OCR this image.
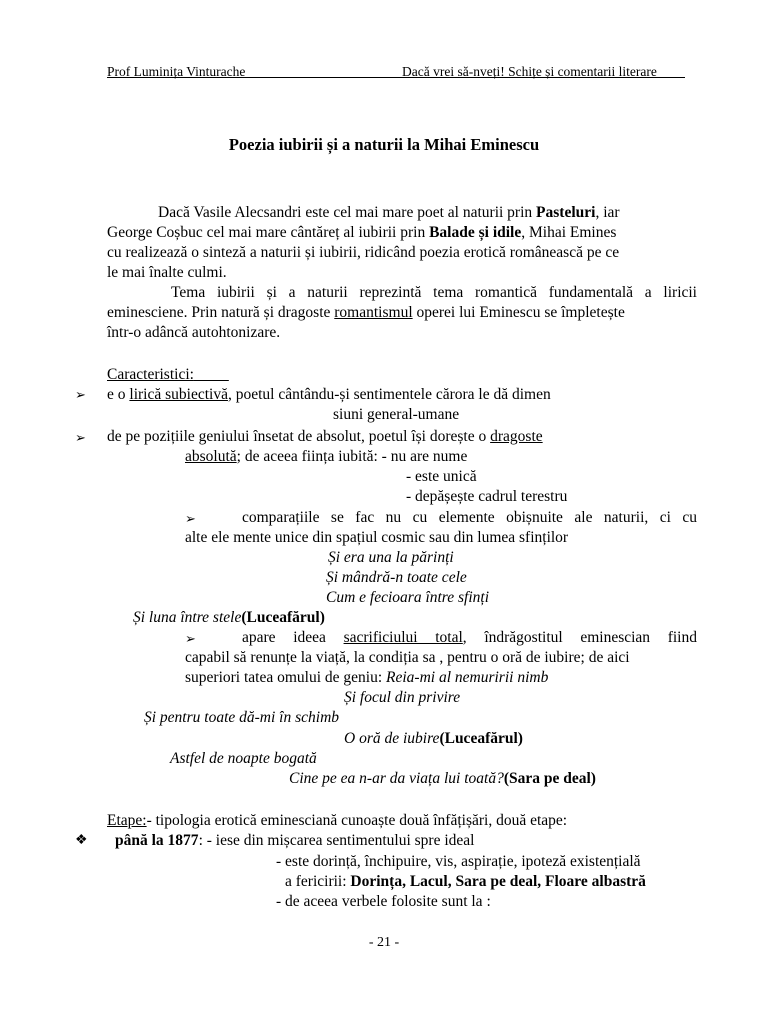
Prof Luminița Vinturache	Dacă vrei să-nveți! Schițe și comentarii literare
Poezia iubirii și a naturii la Mihai Eminescu
Dacă Vasile Alecsandri este cel mai mare poet al naturii prin Pasteluri, iar
George Coșbuc cel mai mare cântăreț al iubirii prin Balade și idile, Mihai Emines
cu realizează o sinteză a naturii și iubirii, ridicând poezia erotică românească pe ce
le mai înalte culmi.
Tema iubirii și a naturii reprezintă tema romantică fundamentală a liricii
eminesciene. Prin natură și dragoste romantismul operei lui Eminescu se împletește
într-o adâncă autohtonizare.
Caracteristici:
➢ e o lirică subiectivă, poetul cântându-și sentimentele cărora le dă dimen
siuni general-umane
➢ de pe pozițiile geniului însetat de absolut, poetul își dorește o dragoste
absolută; de aceea ființa iubită: - nu are nume
- este unică
- depășește cadrul terestru
➢	comparațiile se fac nu cu elemente obișnuite ale naturii, ci cu
alte ele mente unice din spațiul cosmic sau din lumea sfinților
Și era una la părinți
Și mândră-n toate cele
Cum e fecioara între sfinți
Și luna între stele(Luceafărul)
➢	apare ideea sacrificiului total, îndrăgostitul eminescian fiind
capabil să renunțe la viață, la condiția sa , pentru o oră de iubire; de aici
superiori tatea omului de geniu: Reia-mi al nemuririi nimb
Și focul din privire
Și pentru toate dă-mi în schimb
O oră de iubire(Luceafărul)
Astfel de noapte bogată
Cine pe ea n-ar da viața lui toată?(Sara pe deal)
Etape:- tipologia erotică eminesciană cunoaște două înfățișări, două etape:
❖ până la 1877: - iese din mișcarea sentimentului spre ideal
- este dorință, închipuire, vis, aspirație, ipoteză existențială
a fericirii: Dorința, Lacul, Sara pe deal, Floare albastră
- de aceea verbele folosite sunt la :
- 21 -
